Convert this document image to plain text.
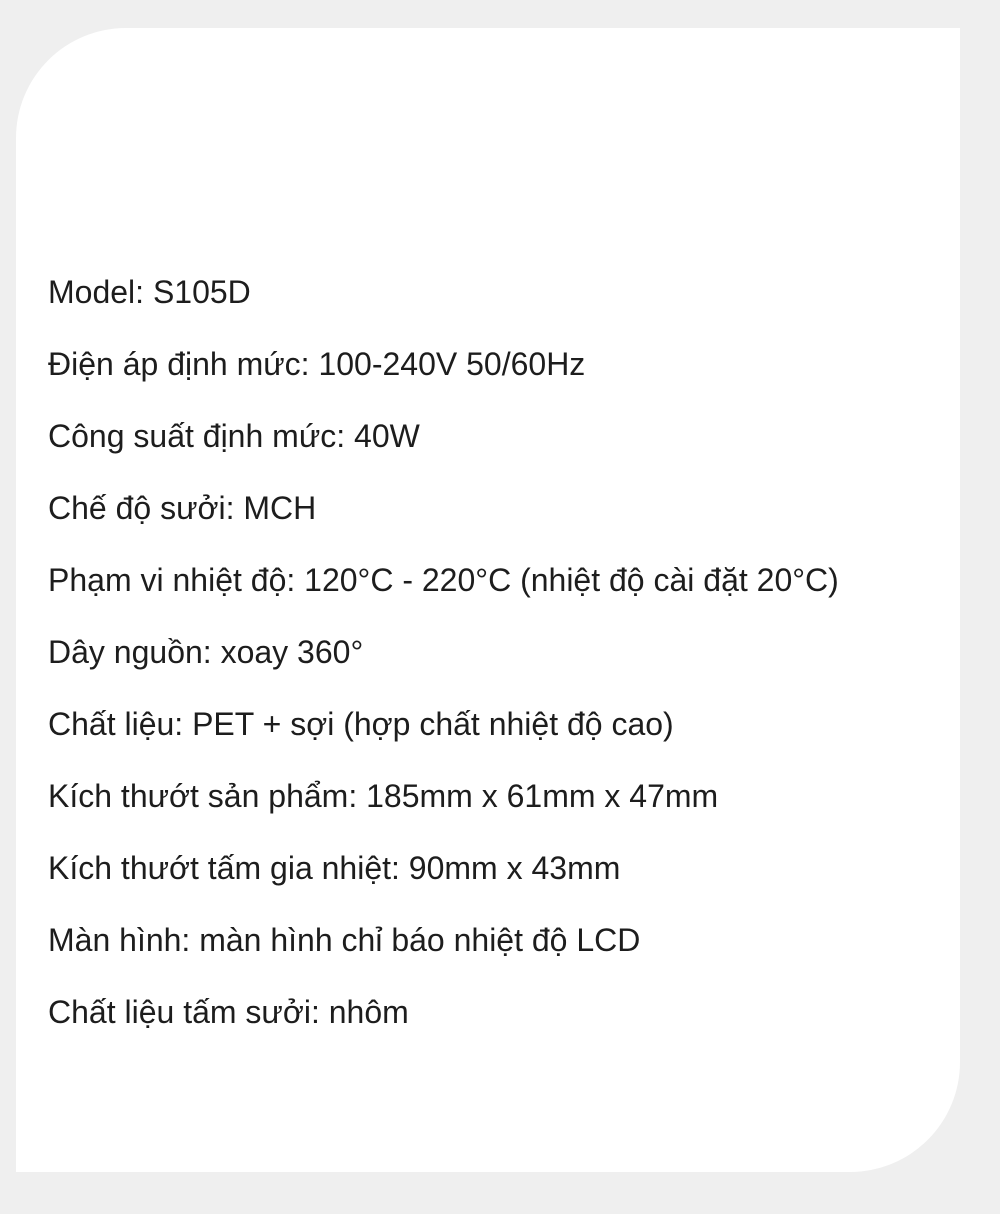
Model: S105D
Điện áp định mức: 100-240V 50/60Hz
Công suất định mức: 40W
Chế độ sưởi: MCH
Phạm vi nhiệt độ: 120°C - 220°C (nhiệt độ cài đặt 20°C)
Dây nguồn: xoay 360°
Chất liệu: PET + sợi (hợp chất nhiệt độ cao)
Kích thướt sản phẩm: 185mm x 61mm x 47mm
Kích thướt tấm gia nhiệt: 90mm x 43mm
Màn hình: màn hình chỉ báo nhiệt độ LCD
Chất liệu tấm sưởi: nhôm
